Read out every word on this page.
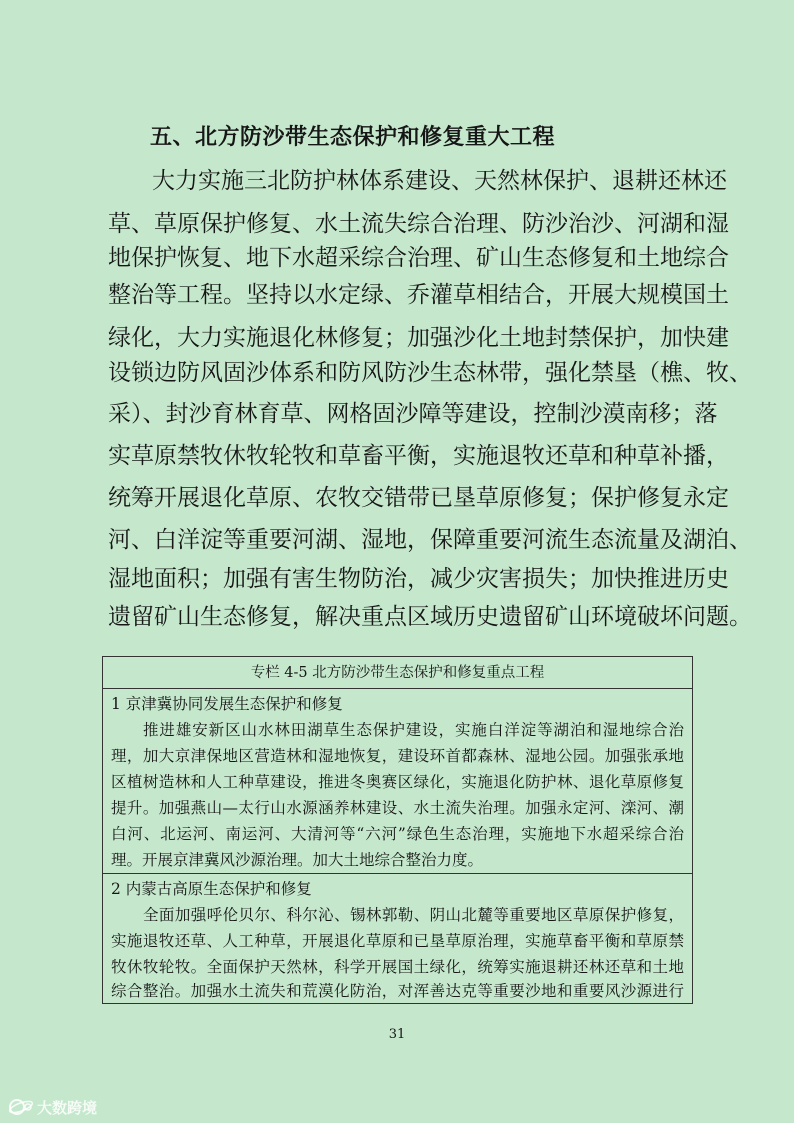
五、北方防沙带生态保护和修复重大工程
大力实施三北防护林体系建设、天然林保护、退耕还林还
草、草原保护修复、水土流失综合治理、防沙治沙、河湖和湿
地保护恢复、地下水超采综合治理、矿山生态修复和土地综合
整治等工程。坚持以水定绿、乔灌草相结合，开展大规模国土
绿化，大力实施退化林修复；加强沙化土地封禁保护，加快建
设锁边防风固沙体系和防风防沙生态林带，强化禁垦（樵、牧、
采）、封沙育林育草、网格固沙障等建设，控制沙漠南移；落
实草原禁牧休牧轮牧和草畜平衡，实施退牧还草和种草补播，
统筹开展退化草原、农牧交错带已垦草原修复；保护修复永定
河、白洋淀等重要河湖、湿地，保障重要河流生态流量及湖泊、
湿地面积；加强有害生物防治，减少灾害损失；加快推进历史
遗留矿山生态修复，解决重点区域历史遗留矿山环境破坏问题。
专栏 4-5 北方防沙带生态保护和修复重点工程
1 京津冀协同发展生态保护和修复
推进雄安新区山水林田湖草生态保护建设，实施白洋淀等湖泊和湿地综合治
理，加大京津保地区营造林和湿地恢复，建设环首都森林、湿地公园。加强张承地
区植树造林和人工种草建设，推进冬奥赛区绿化，实施退化防护林、退化草原修复
提升。加强燕山—太行山水源涵养林建设、水土流失治理。加强永定河、滦河、潮
白河、北运河、南运河、大清河等“六河”绿色生态治理，实施地下水超采综合治
理。开展京津冀风沙源治理。加大土地综合整治力度。
2 内蒙古高原生态保护和修复
全面加强呼伦贝尔、科尔沁、锡林郭勒、阴山北麓等重要地区草原保护修复，
实施退牧还草、人工种草，开展退化草原和已垦草原治理，实施草畜平衡和草原禁
牧休牧轮牧。全面保护天然林，科学开展国土绿化，统筹实施退耕还林还草和土地
综合整治。加强水土流失和荒漠化防治，对浑善达克等重要沙地和重要风沙源进行
31
大数跨境
